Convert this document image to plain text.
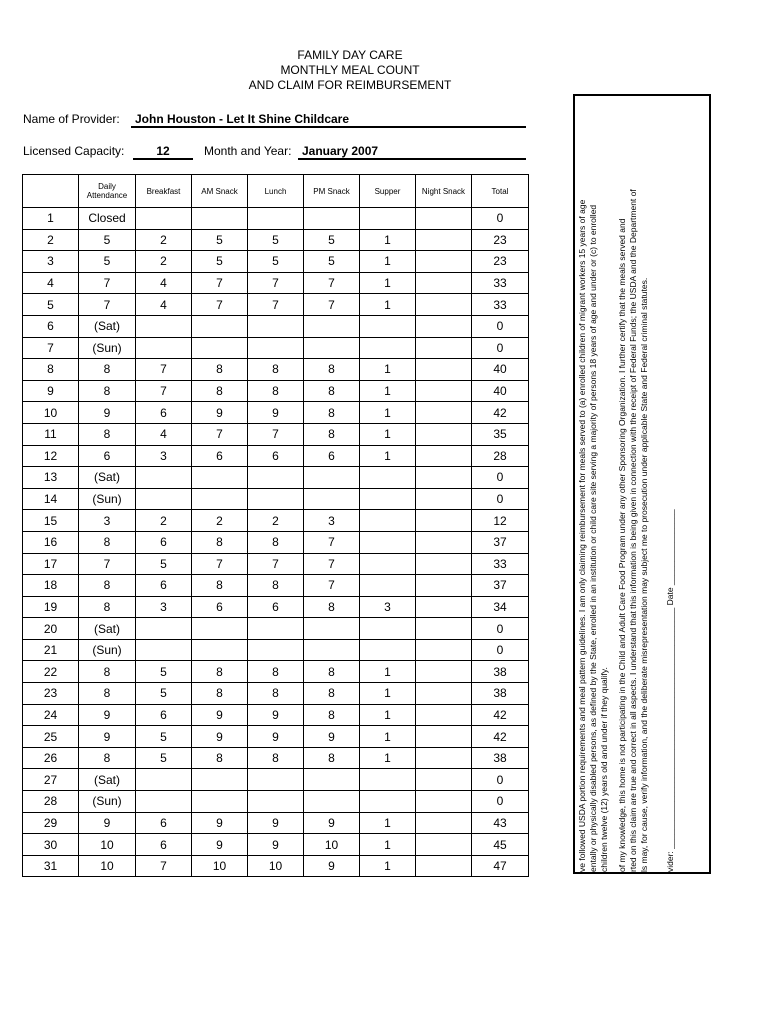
FAMILY DAY CARE
MONTHLY MEAL COUNT
AND CLAIM FOR REIMBURSEMENT
Name of Provider:	John Houston - Let It Shine Childcare
Licensed Capacity:	12	Month and Year: January 2007
	Daily Attendance	Breakfast	AM Snack	Lunch	PM Snack	Supper	Night Snack	Total
1	Closed							0
2	5	2	5	5	5	1		23
3	5	2	5	5	5	1		23
4	7	4	7	7	7	1		33
5	7	4	7	7	7	1		33
6	(Sat)							0
7	(Sun)							0
8	8	7	8	8	8	1		40
9	8	7	8	8	8	1		40
10	9	6	9	9	8	1		42
11	8	4	7	7	8	1		35
12	6	3	6	6	6	1		28
13	(Sat)							0
14	(Sun)							0
15	3	2	2	2	3			12
16	8	6	8	8	7			37
17	7	5	7	7	7			33
18	8	6	8	8	7			37
19	8	3	6	6	8	3		34
20	(Sat)							0
21	(Sun)							0
22	8	5	8	8	8	1		38
23	8	5	8	8	8	1		38
24	9	6	9	9	8	1		42
25	9	5	9	9	9	1		42
26	8	5	8	8	8	1		38
27	(Sat)							0
28	(Sun)							0
29	9	6	9	9	9	1		43
30	10	6	9	9	10	1		45
31	10	7	10	10	9	1		47	ve followed USDA portion requirements and meal pattern guidelines. I am only claiming reimbursement for meals served to (a) enrolled children of migrant workers 15 years of age entally or physically disabled persons, as defined by the State, enrolled in an institution or child care site serving a majority of persons 18 years of age and under or (c) to enrolled children twelve (12) years old and under if they qualify. of my knowledge, this home is not participating in the Child and Adult Care Food Program under any other Sponsoring Organization. I further certify that the meals served and rted on this claim are true and correct in all aspects. I understand that this information is being given in connection with the receipt of Federal Funds; the USDA and the Department of ls may, for cause, verify information, and the deliberate misrepresentation may subject me to prosecution under applicable State and Federal criminal statutes. vider: ___________________________________________________ Date ________________
